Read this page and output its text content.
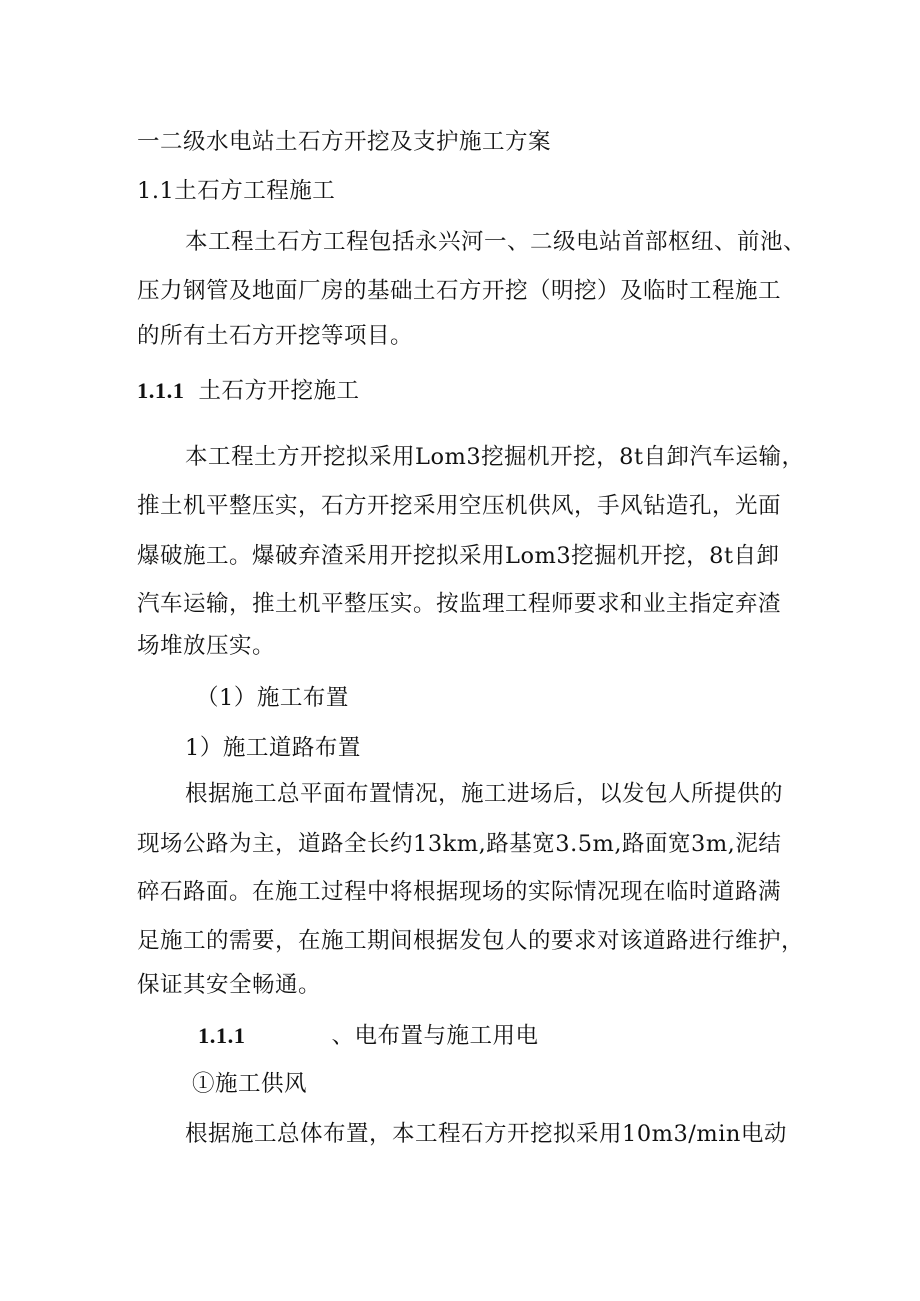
一二级水电站土石方开挖及支护施工方案
1.1土石方工程施工
本工程土石方工程包括永兴河一、二级电站首部枢纽、前池、
压力钢管及地面厂房的基础土石方开挖（明挖）及临时工程施工
的所有土石方开挖等项目。
1.1.1 土石方开挖施工
本工程土方开挖拟采用Lom3挖掘机开挖，8t自卸汽车运输，
推土机平整压实，石方开挖采用空压机供风，手风钻造孔，光面
爆破施工。爆破弃渣采用开挖拟采用Lom3挖掘机开挖，8t自卸
汽车运输，推土机平整压实。按监理工程师要求和业主指定弃渣
场堆放压实。
（1）施工布置
1）施工道路布置
根据施工总平面布置情况，施工进场后，以发包人所提供的
现场公路为主，道路全长约13km,路基宽3.5m,路面宽3m,泥结
碎石路面。在施工过程中将根据现场的实际情况现在临时道路满
足施工的需要，在施工期间根据发包人的要求对该道路进行维护，
保证其安全畅通。
1.1.1	、电布置与施工用电
①施工供风
根据施工总体布置，本工程石方开挖拟采用10m3∕min电动
